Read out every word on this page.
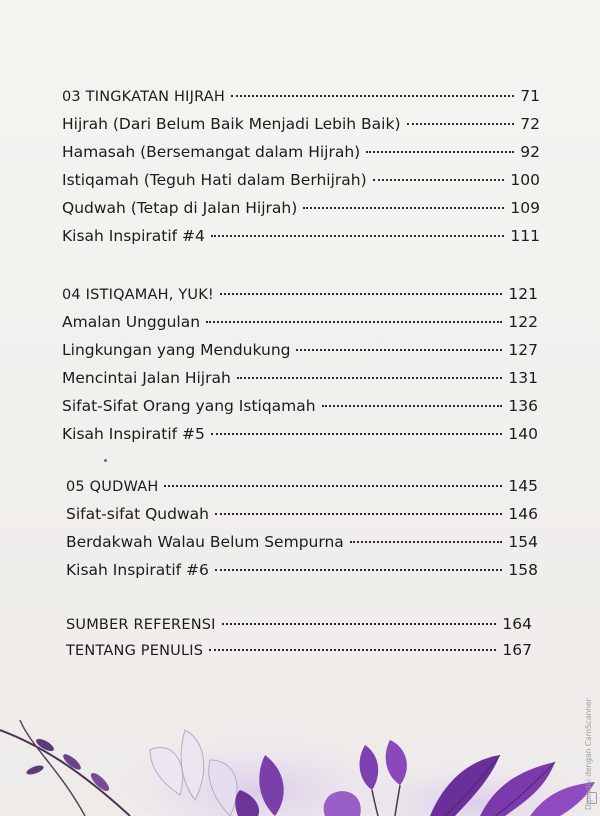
03 TINGKATAN HIJRAH	71
Hijrah (Dari Belum Baik Menjadi Lebih Baik)	72
Hamasah (Bersemangat dalam Hijrah)	92
Istiqamah (Teguh Hati dalam Berhijrah)	100
Qudwah (Tetap di Jalan Hijrah)	109
Kisah Inspiratif #4	111
04 ISTIQAMAH, YUK!	121
Amalan Unggulan	122
Lingkungan yang Mendukung	127
Mencintai Jalan Hijrah	131
Sifat-Sifat Orang yang Istiqamah	136
Kisah Inspiratif #5	140
05 QUDWAH	145
Sifat-sifat Qudwah	146
Berdakwah Walau Belum Sempurna	154
Kisah Inspiratif #6	158
SUMBER REFERENSI	164
TENTANG PENULIS	167
Dipindai dengan CamScanner
